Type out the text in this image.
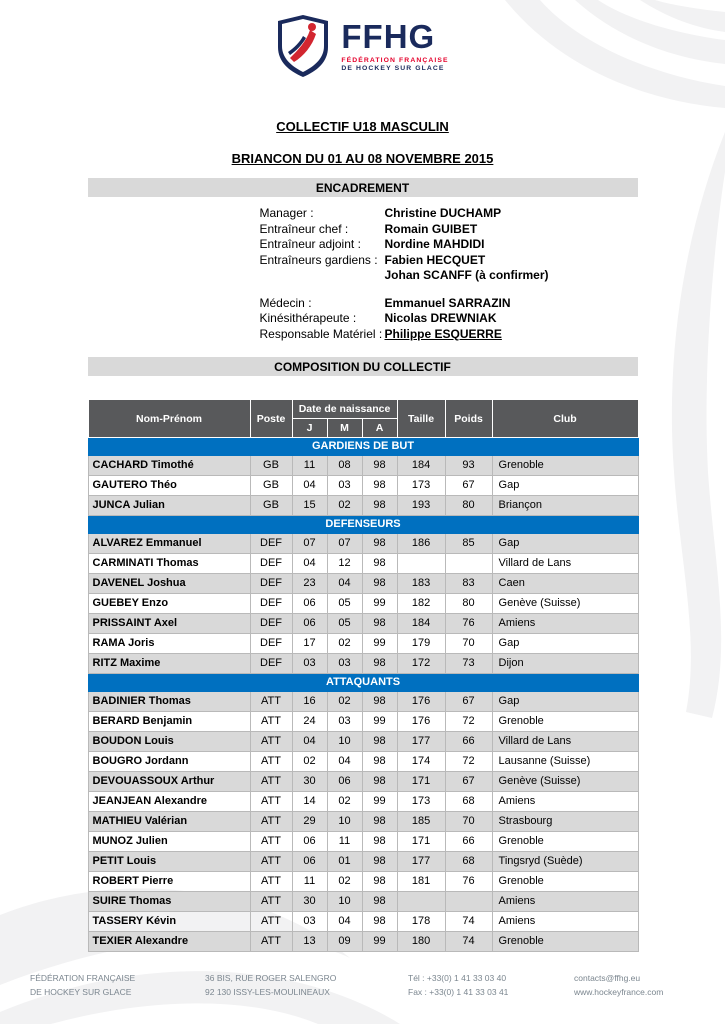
FFHG
FÉDÉRATION FRANÇAISE
DE HOCKEY SUR GLACE
COLLECTIF U18 MASCULIN
BRIANCON DU 01 AU 08 NOVEMBRE 2015
ENCADREMENT
Manager :	Christine DUCHAMP
Entraîneur chef :	Romain GUIBET
Entraîneur adjoint :	Nordine MAHDIDI
Entraîneurs gardiens : Fabien HECQUET
Johan SCANFF (à confirmer)
Médecin :	Emmanuel SARRAZIN
Kinésithérapeute :	Nicolas DREWNIAK
Responsable Matériel : Philippe ESQUERRE
COMPOSITION DU COLLECTIF
Nom-Prénom	Poste	Date de naissance			Taille	Poids	Club
		J	M	A			
GARDIENS DE BUT							
CACHARD Timothé	GB	11	08	98	184	93	Grenoble
GAUTERO Théo	GB	04	03	98	173	67	Gap
JUNCA Julian	GB	15	02	98	193	80	Briançon
DEFENSEURS							
ALVAREZ Emmanuel	DEF	07	07	98	186	85	Gap
CARMINATI Thomas	DEF	04	12	98			Villard de Lans
DAVENEL Joshua	DEF	23	04	98	183	83	Caen
GUEBEY Enzo	DEF	06	05	99	182	80	Genève (Suisse)
PRISSAINT Axel	DEF	06	05	98	184	76	Amiens
RAMA Joris	DEF	17	02	99	179	70	Gap
RITZ Maxime	DEF	03	03	98	172	73	Dijon
ATTAQUANTS							
BADINIER Thomas	ATT	16	02	98	176	67	Gap
BERARD Benjamin	ATT	24	03	99	176	72	Grenoble
BOUDON Louis	ATT	04	10	98	177	66	Villard de Lans
BOUGRO Jordann	ATT	02	04	98	174	72	Lausanne (Suisse)
DEVOUASSOUX Arthur	ATT	30	06	98	171	67	Genève (Suisse)
JEANJEAN Alexandre	ATT	14	02	99	173	68	Amiens
MATHIEU Valérian	ATT	29	10	98	185	70	Strasbourg
MUNOZ Julien	ATT	06	11	98	171	66	Grenoble
PETIT Louis	ATT	06	01	98	177	68	Tingsryd (Suède)
ROBERT Pierre	ATT	11	02	98	181	76	Grenoble
SUIRE Thomas	ATT	30	10	98			Amiens
TASSERY Kévin	ATT	03	04	98	178	74	Amiens
TEXIER Alexandre	ATT	13	09	99	180	74	Grenoble
FÉDÉRATION FRANÇAISE
DE HOCKEY SUR GLACE
36 BIS, RUE ROGER SALENGRO
92 130 ISSY-LES-MOULINEAUX
Tél : +33(0) 1 41 33 03 40
Fax : +33(0) 1 41 33 03 41
contacts@ffhg.eu
www.hockeyfrance.com
